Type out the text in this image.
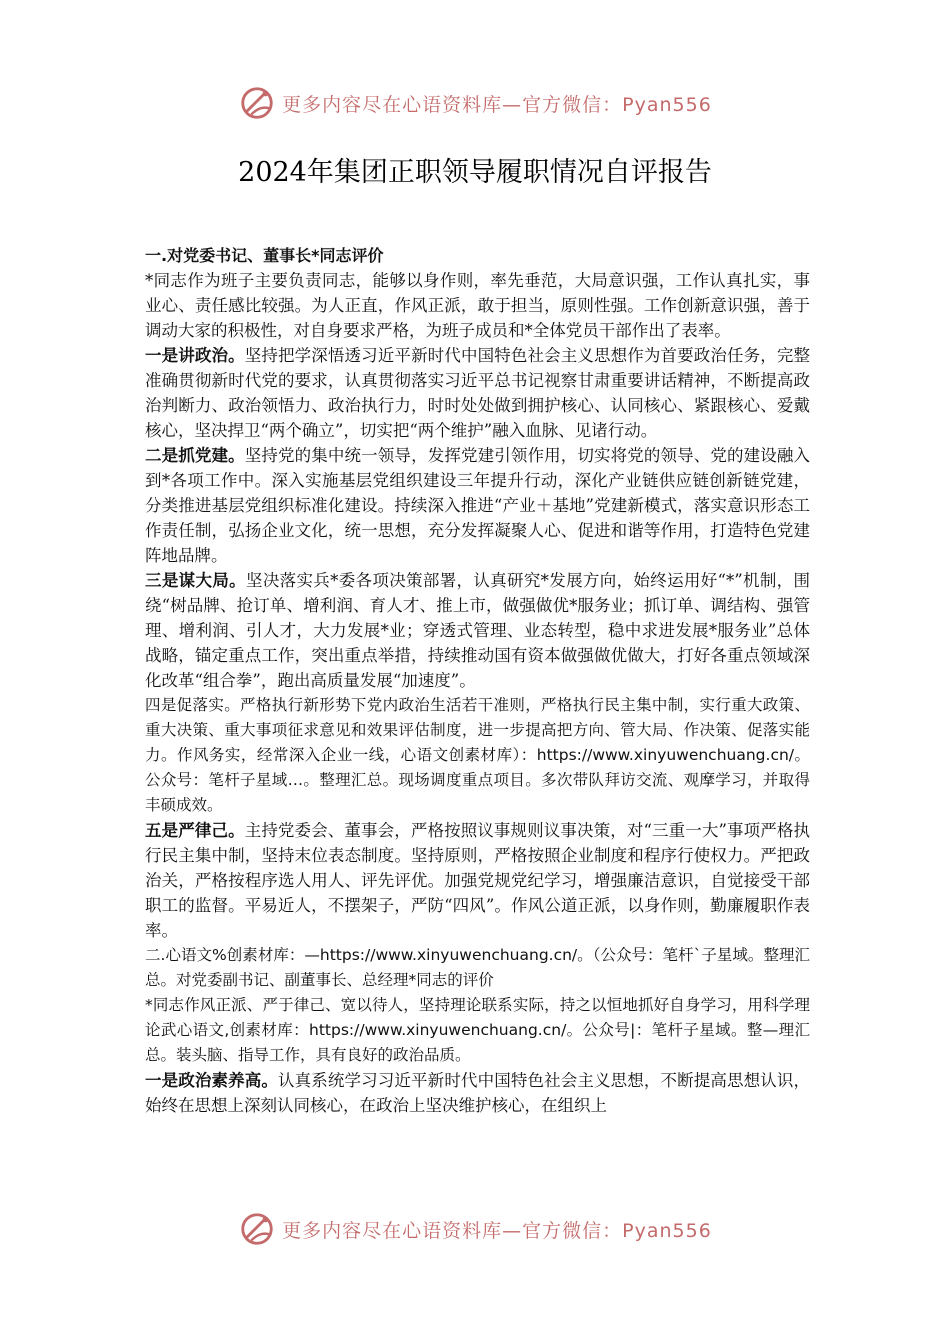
更多内容尽在心语资料库—官方微信：Pyan556
2024年集团正职领导履职情况自评报告

一.对党委书记、董事长*同志评价

*同志作为班子主要负责同志，能够以身作则，率先垂范，大局意识强，工作认真扎实，事业心、责任感比较强。为人正直，作风正派，敢于担当，原则性强。工作创新意识强，善于调动大家的积极性，对自身要求严格，为班子成员和*全体党员干部作出了表率。

一是讲政治。坚持把学深悟透习近平新时代中国特色社会主义思想作为首要政治任务，完整准确贯彻新时代党的要求，认真贯彻落实习近平总书记视察甘肃重要讲话精神，不断提高政治判断力、政治领悟力、政治执行力，时时处处做到拥护核心、认同核心、紧跟核心、爱戴核心，坚决捍卫“两个确立”，切实把“两个维护”融入血脉、见诸行动。

二是抓党建。坚持党的集中统一领导，发挥党建引领作用，切实将党的领导、党的建设融入到*各项工作中。深入实施基层党组织建设三年提升行动，深化产业链供应链创新链党建，分类推进基层党组织标准化建设。持续深入推进“产业＋基地”党建新模式，落实意识形态工作责任制，弘扬企业文化，统一思想，充分发挥凝聚人心、促进和谐等作用，打造特色党建阵地品牌。

三是谋大局。坚决落实兵*委各项决策部署，认真研究*发展方向，始终运用好“*”机制，围绕“树品牌、抢订单、增利润、育人才、推上市，做强做优*服务业；抓订单、调结构、强管理、增利润、引人才，大力发展*业；穿透式管理、业态转型，稳中求进发展*服务业”总体战略，锚定重点工作，突出重点举措，持续推动国有资本做强做优做大，打好各重点领域深化改革“组合拳”，跑出高质量发展“加速度”。

四是促落实。严格执行新形势下党内政治生活若干准则，严格执行民主集中制，实行重大政策、重大决策、重大事项征求意见和效果评估制度，进一步提高把方向、管大局、作决策、促落实能力。作风务实，经常深入企业一线，心语文创素材库）：https://www.xinyuwenchuang.cn/。公众号：笔杆子星域…。整理汇总。现场调度重点项目。多次带队拜访交流、观摩学习，并取得丰硕成效。

五是严律己。主持党委会、董事会，严格按照议事规则议事决策，对“三重一大”事项严格执行民主集中制，坚持末位表态制度。坚持原则，严格按照企业制度和程序行使权力。严把政治关，严格按程序选人用人、评先评优。加强党规党纪学习，增强廉洁意识，自觉接受干部职工的监督。平易近人，不摆架子，严防“四风”。作风公道正派，以身作则，勤廉履职作表率。

二.心语文%创素材库：—https://www.xinyuwenchuang.cn/。（公众号：笔杆`子星域。整理汇总。对党委副书记、副董事长、总经理*同志的评价

*同志作风正派、严于律己、宽以待人，坚持理论联系实际，持之以恒地抓好自身学习，用科学理论武心语文,创素材库：https://www.xinyuwenchuang.cn/。公众号|：笔杆子星域。整—理汇总。装头脑、指导工作，具有良好的政治品质。

一是政治素养高。认真系统学习习近平新时代中国特色社会主义思想，不断提高思想认识，始终在思想上深刻认同核心，在政治上坚决维护核心，在组织上

更多内容尽在心语资料库—官方微信：Pyan556
